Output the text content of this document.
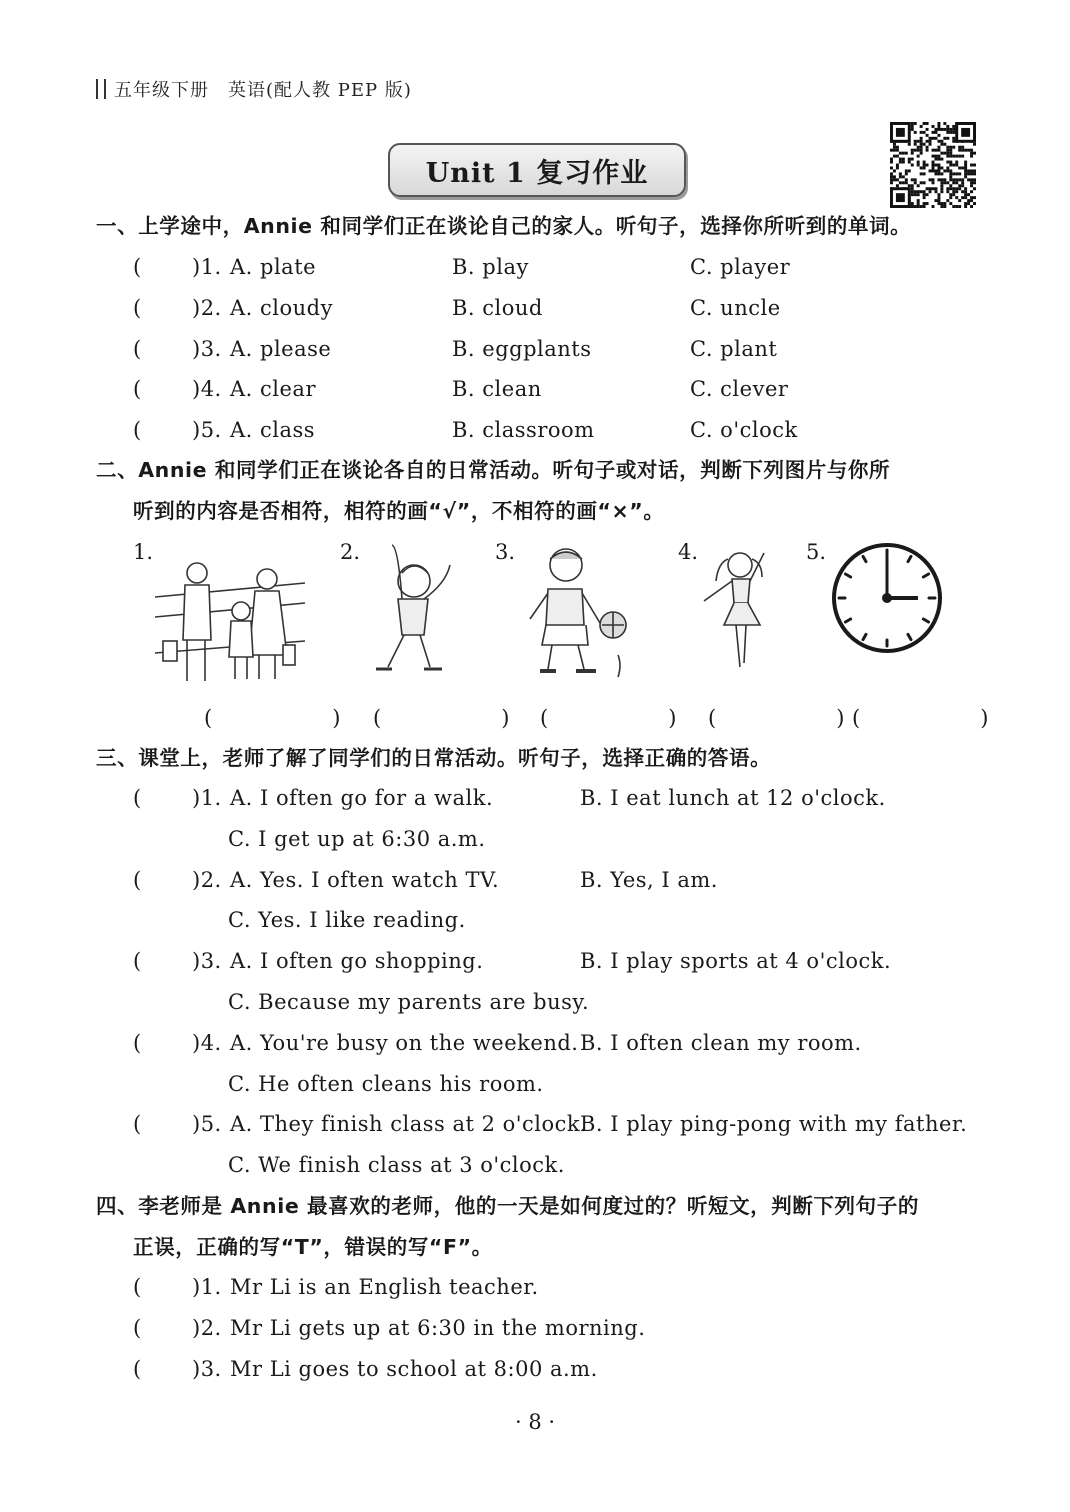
五年级下册　英语(配人教 PEP 版)
Unit 1 复习作业
一、上学途中，Annie 和同学们正在谈论自己的家人。听句子，选择你所听到的单词。
( )1. A. plate	B. play	C. player
( )2. A. cloudy	B. cloud	C. uncle
( )3. A. please	B. eggplants	C. plant
( )4. A. clear	B. clean	C. clever
( )5. A. class	B. classroom	C. o'clock
二、Annie 和同学们正在谈论各自的日常活动。听句子或对话，判断下列图片与你所
听到的内容是否相符，相符的画“√”，不相符的画“×”。
1.	2.	3.	4.	5.
(　　) (　　) (　　) (　　)
(　　)
三、课堂上，老师了解了同学们的日常活动。听句子，选择正确的答语。
( )1. A. I often go for a walk.	B. I eat lunch at 12 o'clock.
C. I get up at 6:30 a.m.
( )2. A. Yes. I often watch TV.	B. Yes, I am.
C. Yes. I like reading.
( )3. A. I often go shopping.	B. I play sports at 4 o'clock.
C. Because my parents are busy.
( )4. A. You're busy on the weekend. B. I often clean my room.
C. He often cleans his room.
( )5. A. They finish class at 2 o'clock.
B. I play ping-pong with my father.
C. We finish class at 3 o'clock.
四、李老师是 Annie 最喜欢的老师，他的一天是如何度过的？听短文，判断下列句子的
正误，正确的写“T”，错误的写“F”。
( )1. Mr Li is an English teacher.
( )2. Mr Li gets up at 6:30 in the morning.
( )3. Mr Li goes to school at 8:00 a.m.
· 8 ·
